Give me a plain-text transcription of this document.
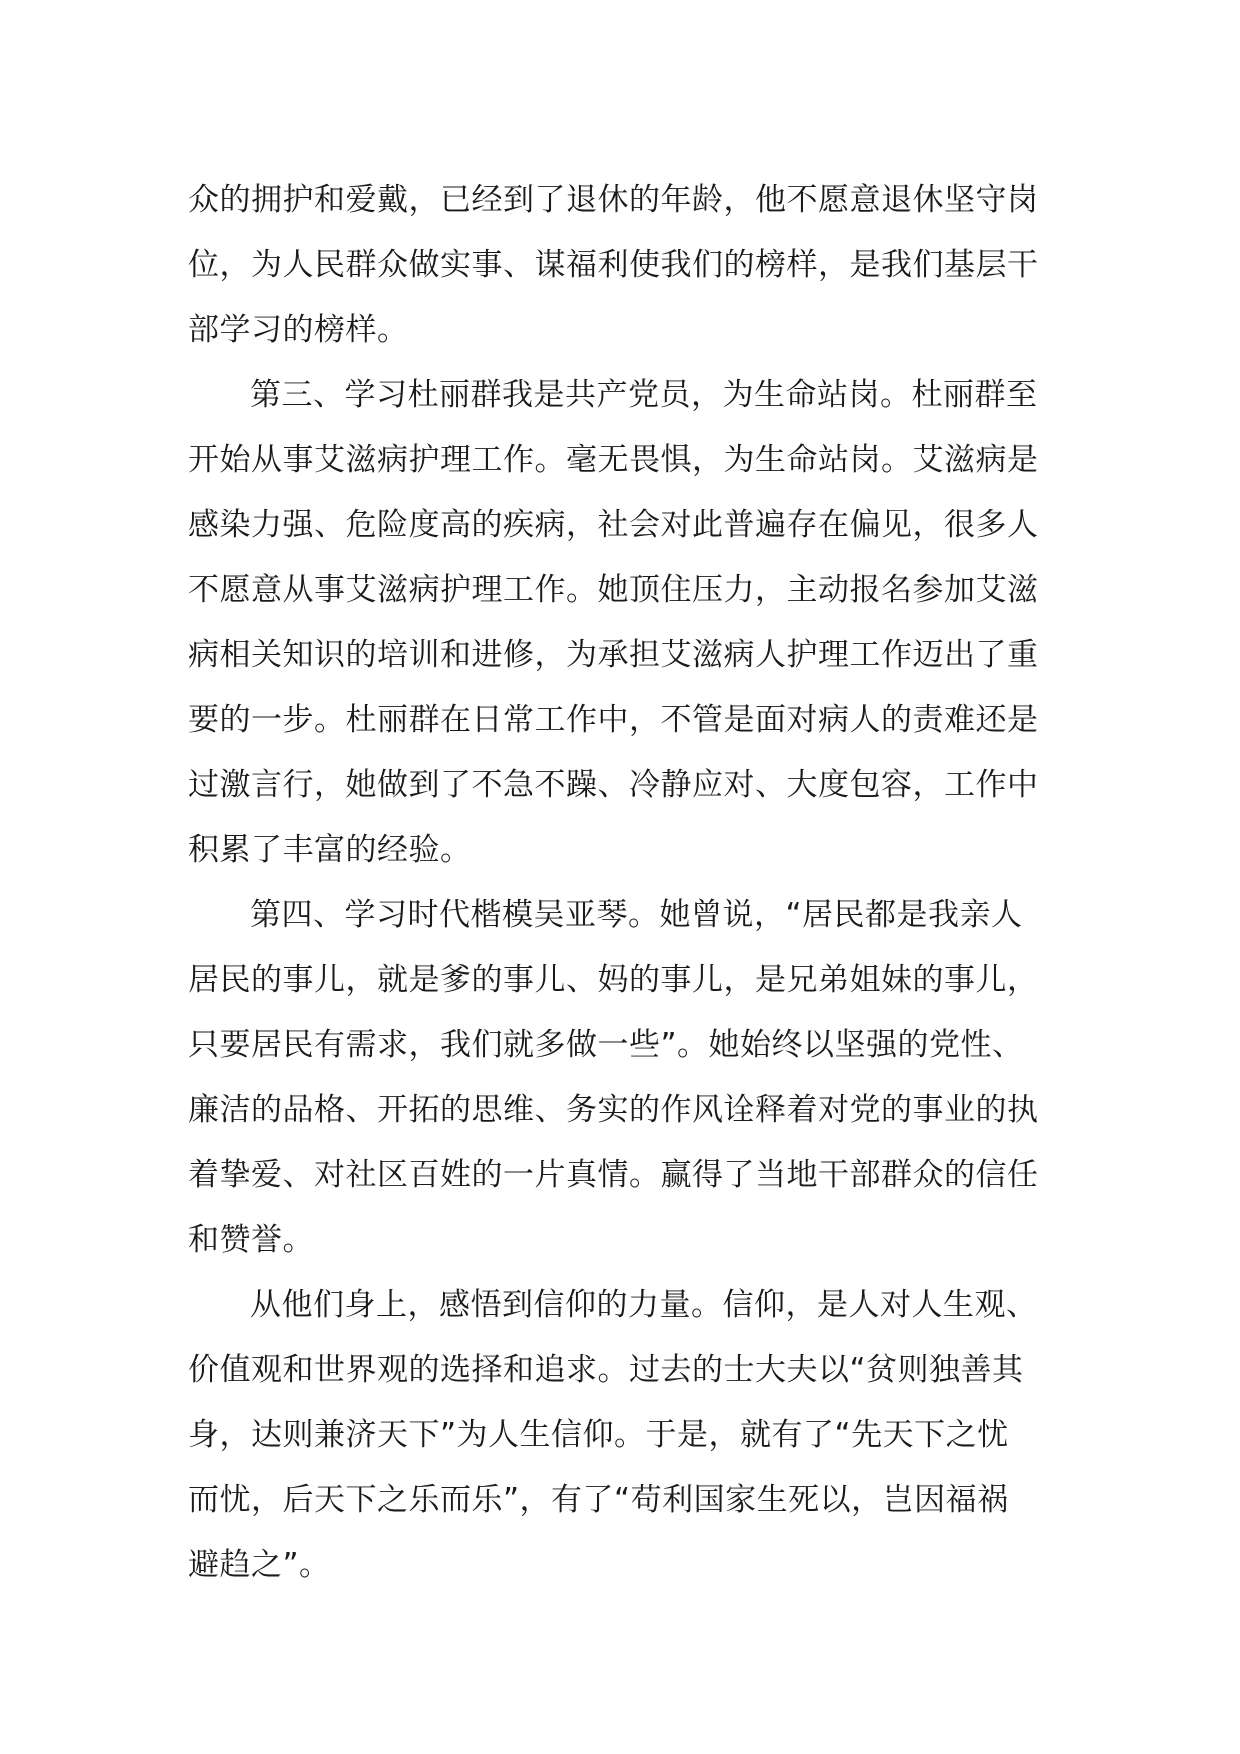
众的拥护和爱戴，已经到了退休的年龄，他不愿意退休坚守岗
位，为人民群众做实事、谋福利使我们的榜样，是我们基层干
部学习的榜样。
第三、学习杜丽群我是共产党员，为生命站岗。杜丽群至
开始从事艾滋病护理工作。毫无畏惧，为生命站岗。艾滋病是
感染力强、危险度高的疾病，社会对此普遍存在偏见，很多人
不愿意从事艾滋病护理工作。她顶住压力，主动报名参加艾滋
病相关知识的培训和进修，为承担艾滋病人护理工作迈出了重
要的一步。杜丽群在日常工作中，不管是面对病人的责难还是
过激言行，她做到了不急不躁、冷静应对、大度包容，工作中
积累了丰富的经验。
第四、学习时代楷模吴亚琴。她曾说，“居民都是我亲人
居民的事儿，就是爹的事儿、妈的事儿，是兄弟姐妹的事儿，
只要居民有需求，我们就多做一些”。她始终以坚强的党性、
廉洁的品格、开拓的思维、务实的作风诠释着对党的事业的执
着挚爱、对社区百姓的一片真情。赢得了当地干部群众的信任
和赞誉。
从他们身上，感悟到信仰的力量。信仰，是人对人生观、
价值观和世界观的选择和追求。过去的士大夫以“贫则独善其
身，达则兼济天下”为人生信仰。于是，就有了“先天下之忧
而忧，后天下之乐而乐”，有了“苟利国家生死以，岂因福祸
避趋之”。
